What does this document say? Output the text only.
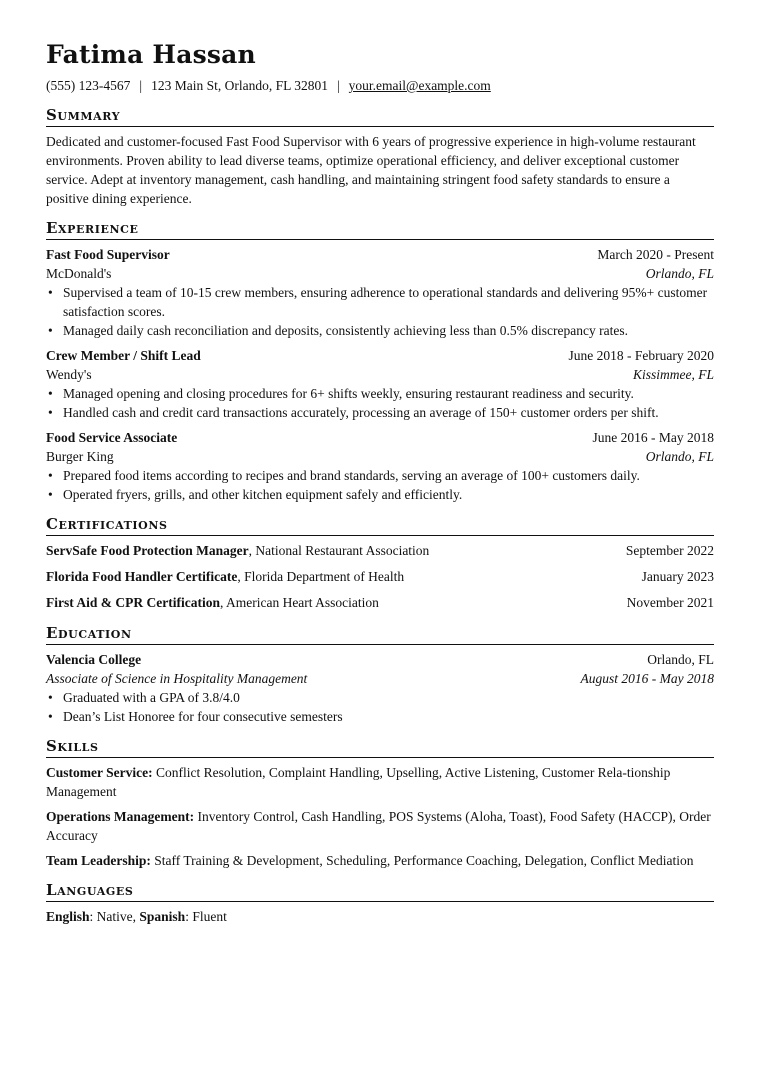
Fatima Hassan
(555) 123-4567 | 123 Main St, Orlando, FL 32801 | your.email@example.com
Summary
Dedicated and customer-focused Fast Food Supervisor with 6 years of progressive experience in high-volume restaurant environments. Proven ability to lead diverse teams, optimize operational efficiency, and deliver exceptional customer service. Adept at inventory management, cash handling, and maintaining stringent food safety standards to ensure a positive dining experience.
Experience
Fast Food Supervisor	March 2020 - Present
McDonald's	Orlando, FL
• Supervised a team of 10-15 crew members, ensuring adherence to operational standards and delivering 95%+ customer satisfaction scores.
• Managed daily cash reconciliation and deposits, consistently achieving less than 0.5% discrepancy rates.
Crew Member / Shift Lead	June 2018 - February 2020
Wendy's	Kissimmee, FL
• Managed opening and closing procedures for 6+ shifts weekly, ensuring restaurant readiness and security.
• Handled cash and credit card transactions accurately, processing an average of 150+ customer orders per shift.
Food Service Associate	June 2016 - May 2018
Burger King	Orlando, FL
• Prepared food items according to recipes and brand standards, serving an average of 100+ customers daily.
• Operated fryers, grills, and other kitchen equipment safely and efficiently.
Certifications
ServSafe Food Protection Manager, National Restaurant Association	September 2022
Florida Food Handler Certificate, Florida Department of Health	January 2023
First Aid & CPR Certification, American Heart Association	November 2021
Education
Valencia College	Orlando, FL
Associate of Science in Hospitality Management	August 2016 - May 2018
• Graduated with a GPA of 3.8/4.0
• Dean’s List Honoree for four consecutive semesters
Skills
Customer Service: Conflict Resolution, Complaint Handling, Upselling, Active Listening, Customer Rela-tionship Management
Operations Management: Inventory Control, Cash Handling, POS Systems (Aloha, Toast), Food Safety (HACCP), Order Accuracy
Team Leadership: Staff Training & Development, Scheduling, Performance Coaching, Delegation, Conflict Mediation
Languages
English: Native, Spanish: Fluent
